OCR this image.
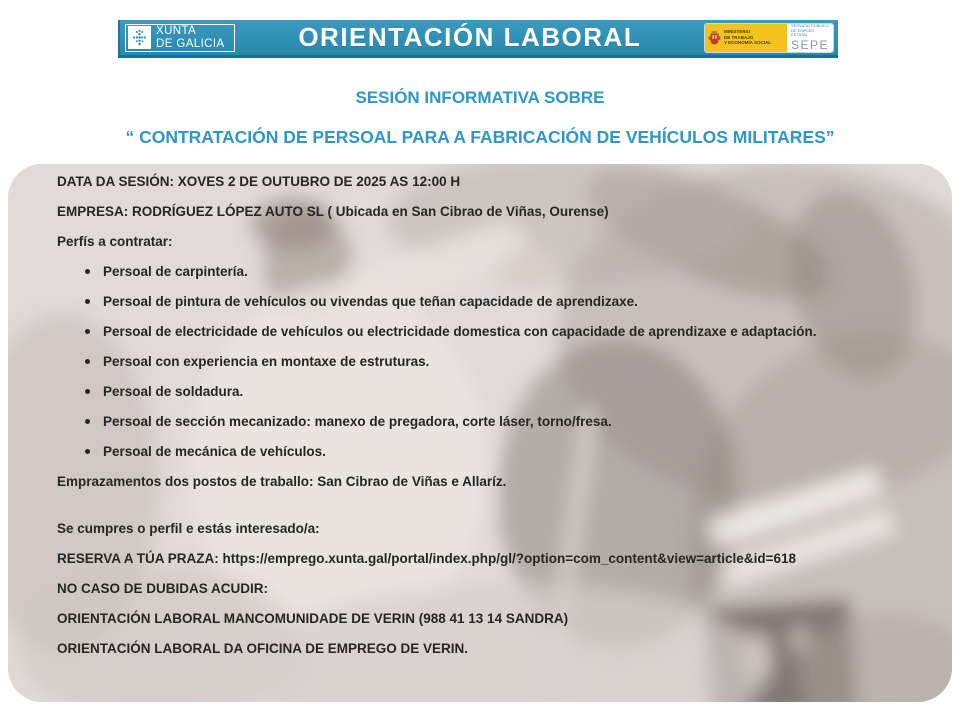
XUNTA
DE GALICIA	ORIENTACIÓN LABORAL	MINISTERIO
DE TRABAJO
Y ECONOMÍA SOCIAL
SERVICIO PÚBLICO
DE EMPLEO ESTATAL
SEPE
SESIÓN INFORMATIVA SOBRE
“ CONTRATACIÓN DE PERSOAL PARA A FABRICACIÓN DE VEHÍCULOS MILITARES”

DATA DA SESIÓN: XOVES 2 DE OUTUBRO DE 2025 AS 12:00 H

EMPRESA: RODRÍGUEZ LÓPEZ AUTO SL ( Ubicada en San Cibrao de Viñas, Ourense)

Perfís a contratar:

Persoal de carpintería.
Persoal de pintura de vehículos ou vivendas que teñan capacidade de aprendizaxe.
Persoal de electricidade de vehículos ou electricidade domestica con capacidade de aprendizaxe e adaptación.
Persoal con experiencia en montaxe de estruturas.
Persoal de soldadura.
Persoal de sección mecanizado: manexo de pregadora, corte láser, torno/fresa.
Persoal de mecánica de vehículos.

Emprazamentos dos postos de traballo: San Cibrao de Viñas e Allaríz.

Se cumpres o perfil e estás interesado/a:

RESERVA A TÚA PRAZA: https://emprego.xunta.gal/portal/index.php/gl/?option=com_content&view=article&id=618

NO CASO DE DUBIDAS ACUDIR:

ORIENTACIÓN LABORAL MANCOMUNIDADE DE VERIN (988 41 13 14 SANDRA)

ORIENTACIÓN LABORAL DA OFICINA DE EMPREGO DE VERIN.
